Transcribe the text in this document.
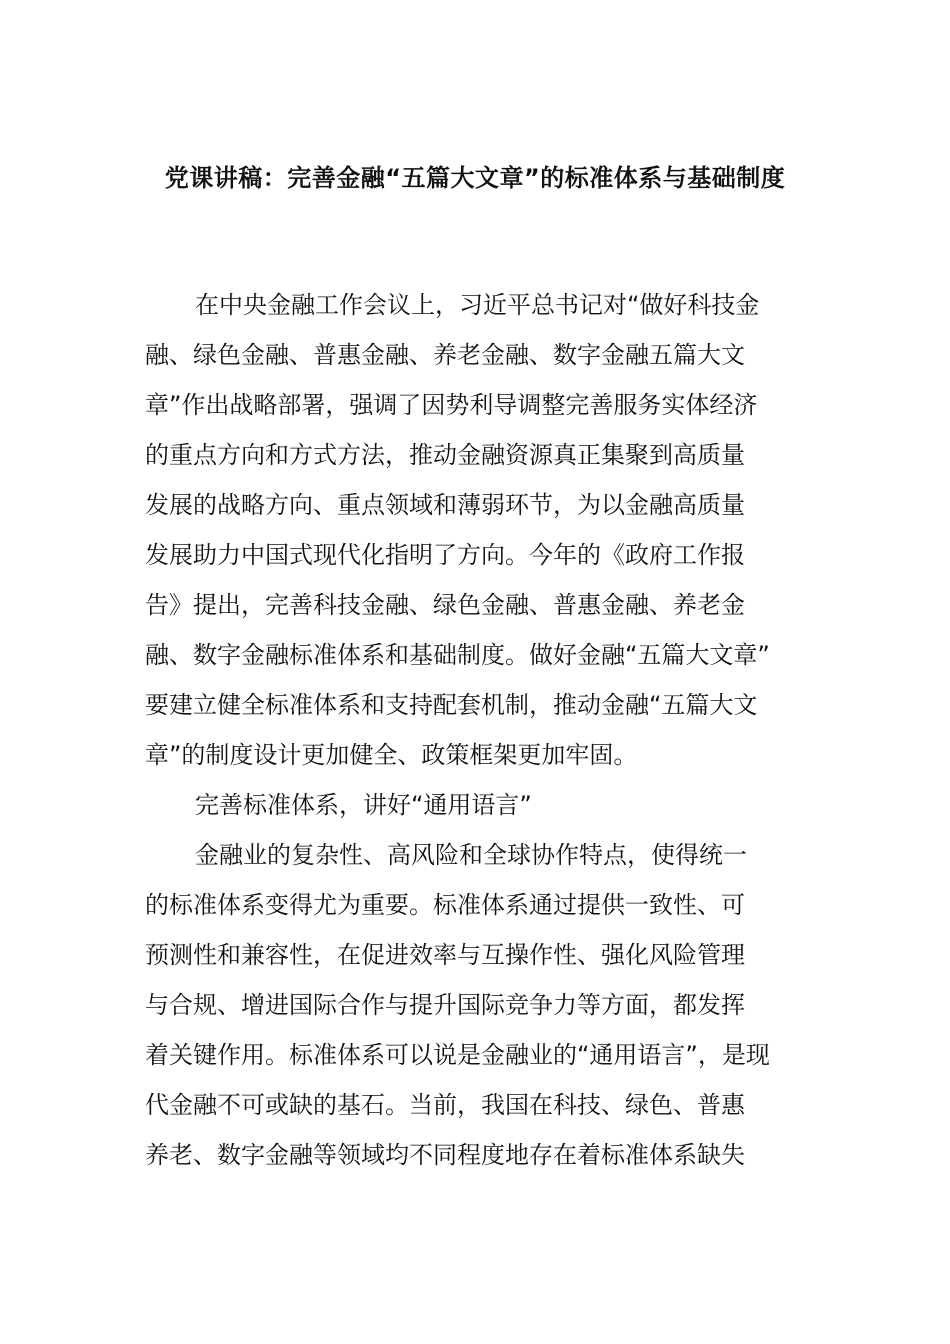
党课讲稿：完善金融“五篇大文章”的标准体系与基础制度
在中央金融工作会议上，习近平总书记对“做好科技金
融、绿色金融、普惠金融、养老金融、数字金融五篇大文
章”作出战略部署，强调了因势利导调整完善服务实体经济
的重点方向和方式方法，推动金融资源真正集聚到高质量
发展的战略方向、重点领域和薄弱环节，为以金融高质量
发展助力中国式现代化指明了方向。今年的《政府工作报
告》提出，完善科技金融、绿色金融、普惠金融、养老金
融、数字金融标准体系和基础制度。做好金融“五篇大文章”
要建立健全标准体系和支持配套机制，推动金融“五篇大文
章”的制度设计更加健全、政策框架更加牢固。
完善标准体系，讲好“通用语言”
金融业的复杂性、高风险和全球协作特点，使得统一
的标准体系变得尤为重要。标准体系通过提供一致性、可
预测性和兼容性，在促进效率与互操作性、强化风险管理
与合规、增进国际合作与提升国际竞争力等方面，都发挥
着关键作用。标准体系可以说是金融业的“通用语言”，是现
代金融不可或缺的基石。当前，我国在科技、绿色、普惠
养老、数字金融等领域均不同程度地存在着标准体系缺失
